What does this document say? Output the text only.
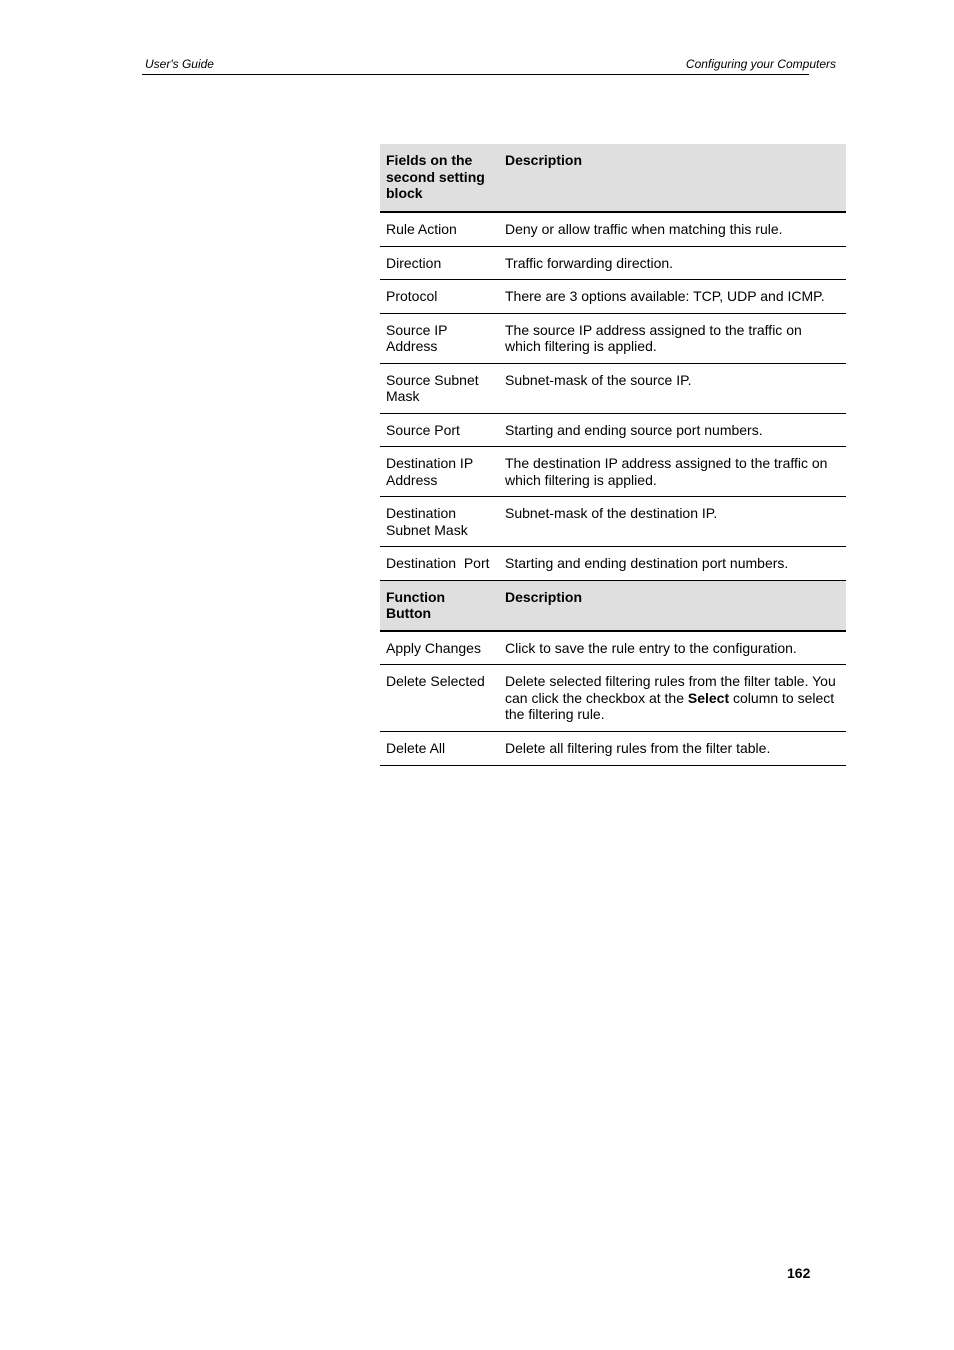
User's Guide	Configuring your Computers
Fields on the second setting block	Description
Rule Action	Deny or allow traffic when matching this rule.
Direction	Traffic forwarding direction.
Protocol	There are 3 options available: TCP, UDP and ICMP.
Source IP Address	The source IP address assigned to the traffic on which filtering is applied.
Source Subnet Mask	Subnet-mask of the source IP.
Source Port	Starting and ending source port numbers.
Destination IP Address	The destination IP address assigned to the traffic on which filtering is applied.
Destination Subnet Mask	Subnet-mask of the destination IP.
Destination  Port	Starting and ending destination port numbers.
Function Button	Description
Apply Changes	Click to save the rule entry to the configuration.
Delete Selected	Delete selected filtering rules from the filter table. You can click the checkbox at the Select column to select the filtering rule.
Delete All	Delete all filtering rules from the filter table.
162
